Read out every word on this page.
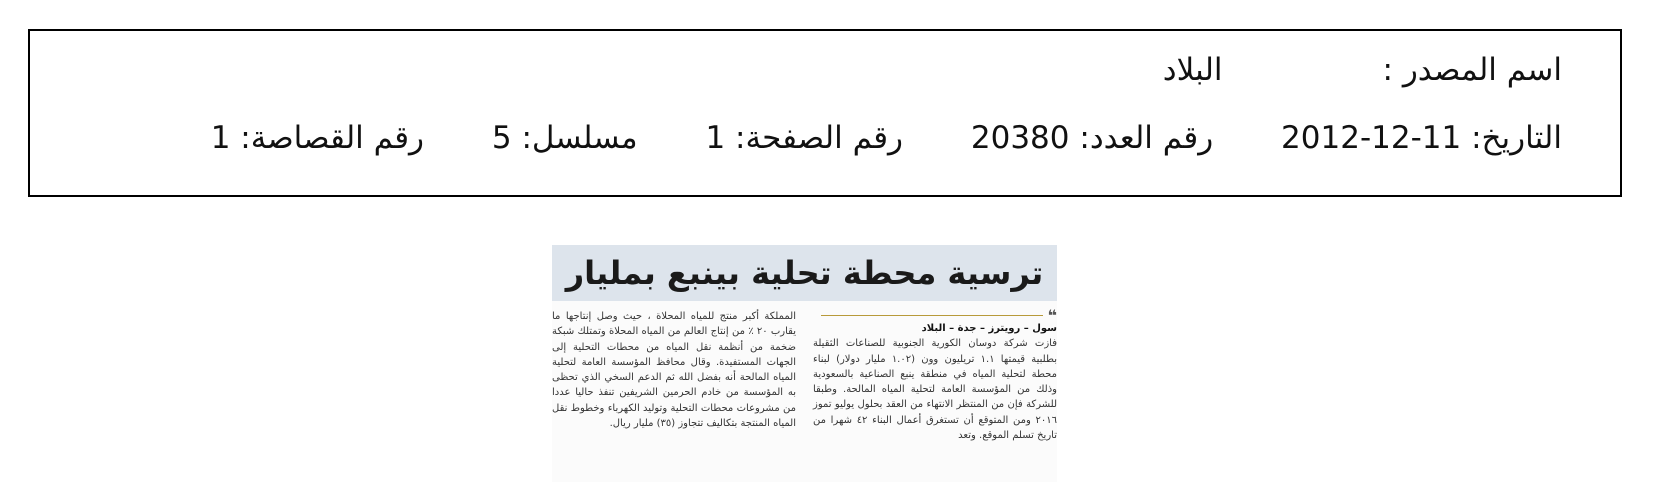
اسم المصدر :البلاد
التاريخ: 2012-12-11 رقم العدد: 20380 رقم الصفحة: 1 مسلسل: 5 رقم القصاصة: 1
ترسية محطة تحلية بينبع بمليار
❝
سول – رويترز – جدة – البلاد
فازت شركة دوسان الكورية الجنوبية للصناعات الثقيلة بطلبية قيمتها ١.١ تريليون وون (١.٠٢ مليار دولار) لبناء محطة لتحلية المياه في منطقة ينبع الصناعية بالسعودية وذلك من المؤسسة العامة لتحلية المياه المالحة. وطبقا للشركة فإن من المنتظر الانتهاء من العقد بحلول يوليو تموز ٢٠١٦ ومن المتوقع أن تستغرق أعمال البناء ٤٢ شهرا من تاريخ تسلم الموقع. وتعد
المملكة أكبر منتج للمياه المحلاة ، حيث وصل إنتاجها ما يقارب ٢٠ ٪ من إنتاج العالم من المياه المحلاة وتمتلك شبكة ضخمة من أنظمة نقل المياه من محطات التحلية إلى الجهات المستفيدة. وقال محافظ المؤسسة العامة لتحلية المياه المالحة أنه بفضل الله ثم الدعم السخي الذي تحظى به المؤسسة من خادم الحرمين الشريفين تنفذ حاليا عددا من مشروعات محطات التحلية وتوليد الكهرباء وخطوط نقل المياه المنتجة بتكاليف تتجاوز (٣٥) مليار ريال.
